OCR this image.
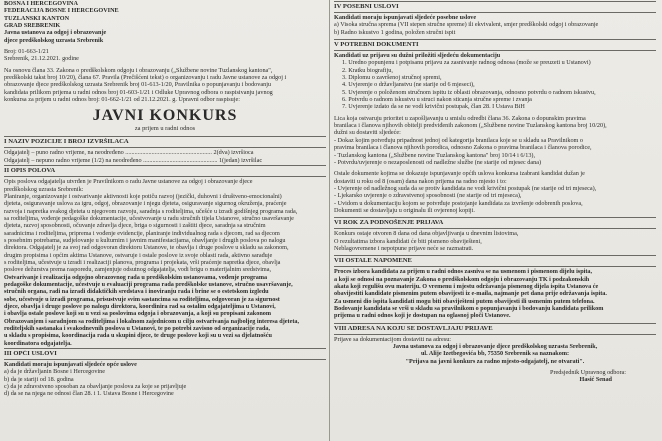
BOSNA I HERCEGOVINA
FEDERACIJA BOSNE I HERCEGOVINE
TUZLANSKI KANTON
GRAD SREBRENIK
Javna ustanova za odgoj i obrazovanje
djece predškolskog uzrasta Srebrenik
Broj: 01-663-1/21
Srebrenik, 21.12.2021. godine
Na osnovu člana 33. Zakona o predškolskom odgoju i obrazovanju („Službene novine Tuzlanskog kantona",
predškolski takst broj 10/20), člana 67. Pravila (Prečišćeni tekst) o organizovanju i radu Javne ustanove za odgoj i
obrazovanje djece predškolskog uzrasta Srebrenik broj 01-613-1/20, Pravilnika o popunjavanju i bodovanju
kandidata prilikom prijema u radni odnos broj 01-603-1/21 i Odluke Upravnog odbora o raspisivanju javnog
konkursa za prijem u radni odnos broj: 01-662-1/21 od 21.12.2021. g. Upravni odbor raspisuje:
JAVNI KONKURS
za prijem u radni odnos
I NAZIV POZICIJE I BROJ IZVRŠILACA
Odgajatelj – puno radno vrijeme, na neodređeno ........................................................ 2(dva) izvršioca
Odgajatelj – nepuno radno vrijeme (1/2) na neodređeno ................................................ 1(jedan) izvršilac
II OPIS POLOVA
Opis poslova odgajatelja utvrđen je Pravilnikom o radu Javne ustanove za odgoj i obrazovanje djece
predškolskog uzrasta Srebrenik:
Planiranje, organizovanje i ostvarivanje aktivnosti koje potiču razvoj (jezički, duhovni i društveno-emocionalni)
djeteta, osiguravanje uslova za igru, odgoj, obrazovanje i njegu djeteta, osiguravanje sigurnog okruženja, praćenje
razvoja i napretka svakog djeteta u njegovom razvoju, saradnja s roditeljima, učešće u izradi godišnjeg programa rada,
sa roditeljima, vođenje pedagoške dokumentacije, učestvovanje u radu stručnih tijela Ustanove, stručno usavršavanje
djeteta, razvoj sposobnosti, očuvanje zdravlja djece, briga o sigurnosti i zaštiti djece, saradnja sa stručnim
saradnicima i roditeljima, priprema i vođenje evidencije, planiranje individualnog rada s djecom, rad sa djecom
s posebnim potrebama, sudjelovanje u kulturnim i javnim manifestacijama, obavljanje i drugih poslova po nalogu
direktora. Odgajatelj je za svoj rad odgovoran direktoru Ustanove, te obavlja i druge poslove u skladu sa zakonom,
drugim propisima i općim aktima Ustanove, ostvaruje i ostale poslove iz svoje oblasti rada, aktivno sarađuje
s roditeljima, učestvuje u izradi i realizaciji planova, programa i projekata, vrši praćenje napretka djece, obavlja
poslove dežurstva prema rasporedu, zamjenjuje odsutnog odgajatelja, vodi brigu o materijalnim sredstvima,
Ostvarivanje i realizacija odgojno obrazovnog rada u predškolskim ustanovama, vođenje programa
pedagoške dokumentacije, učestvuje u evaluaciji programa rada predškolske ustanove, stručno usavršavanje,
stručnih organa, radi na izradi didaktičkih sredstava i inoviranju rada i brine se o estetskom izgledu
sobe, učestvuje u izradi programa, prisustvuje svim sastancima sa roditeljima, odgovoran je za sigurnost
djece, obavlja i druge poslove po nalogu direktora, koordinira rad sa ostalim odgajateljima u Ustanovi,
i obavlja ostale poslove koji su u vezi sa poslovima odgoja i obrazovanja, a koji su propisani zakonom
Obrazovanjem i saradnjom sa roditeljima i lokalnom zajednicom u cilju ostvarivanja najboljeg interesa djeteta,
roditeljskih sastanaka i svakodnevnih poslova u Ustanovi, te po potrebi zavisno od organizacije rada,
u skladu s propisima, koordinacija rada u skupini djece, te druge poslove koji su u vezi sa djelatnošću
koordinatora odgajatelja.
III OPĆI USLOVI
Kandidati moraju ispunjavati sljedeće opće uslove
a) da je državljanin Bosne i Hercegovine
b) da je stariji od 18. godina
c) da je zdravstveno sposoban za obavljanje poslova za koje se prijavljuje
d) da se na njega ne odnosi član 28. i 1. Ustava Bosne i Hercegovine
IV POSEBNI USLOVI
Kandidati moraju ispunjavati sljedeće posebne uslove
a) Visoka stručna sprema (VII stepen stručne spreme) ili ekvivalent, smjer predškolski odgoj i obrazovanje
b) Radno iskustvo 1 godina, položen stručni ispit
V POTREBNI DOKUMENTI
Kandidati uz prijavu su dužni priložiti sljedeću dokumentaciju
1. Uredno popunjenu i potpisanu prijavu za zasnivanje radnog odnosa (može se preuzeti u Ustanovi)
2. Kratku biografiju,
3. Diplomu o završenoj stručnoj spremi,
4. Uvjerenje o državljanstvu (ne starije od 6 mjeseci),
5. Uvjerenje o položenom stručnom ispitu iz oblasti obrazovanja, odnosno potvrdu o radnom iskustvu,
6. Potvrdu o radnom iskustvu u struci nakon sticanja stručne spreme i zvanja
7. Uvjerenje izdato da se ne vodi krivični postupak, član 28. I Ustava BiH
Lica koja ostvaruju prioritet u zapošljavanju u smislu odredbi člana 36. Zakona o dopunskim pravima
branilaca i članova njihovih obitelji predviđenih zakonom („Službene novine Tuzlanskog kantona broj 10/20),
dužni su dostaviti sljedeće:
- Dokaz kojim potvrđuju pripadnost jednoj od kategorija branilaca koje se u skladu sa Pravilnikom o
pravima branilaca i članova njihovih porodica, odnosno Zakona o pravima branilaca i članova porodice,
- Tuzlanskog kantona („Službene novine Tuzlanskog kantona" broj 10/14 i 6/13),
- Potvrdu/uvjerenje o nezaposlenosti od nadležne službe (ne starije od mjesec dana)
Ostale dokumente kojima se dokazuje ispunjavanje općih uslova konkursa izabrani kandidat dužan je
dostaviti u roku od 8 (osam) dana nakon prijema na radno mjesto i to:
- Uvjerenje od nadležnog suda da se protiv kandidata ne vodi krivični postupak (ne starije od tri mjeseca),
- Ljekarsko uvjerenje o zdravstvenoj sposobnosti (ne starije od tri mjeseca),
- Uvidom u dokumentaciju kojom se potvrđuje postojanje kandidata za izvršenje odobrenih poslova,
Dokumenti se dostavljaju u originalu ili ovjerenoj kopiji.
VI ROK ZA PODNOŠENJE PRIJAVA
Konkurs ostaje otvoren 8 dana od dana objavljivanja u dnevnim listovima,
O rezultatima izbora kandidati će biti pismeno obaviješteni,
Neblagovremene i nepotpune prijave neće se razmatrati.
VII OSTALE NAPOMENE
Proces izbora kandidata za prijem u radni odnos zasniva se na usmenom i pismenom dijelu ispita,
a koji se odnosi na poznavanje Zakona o predškolskom odgoju i obrazovanju TK i podzakonskih
akata koji regulišu ovu materiju. O vremenu i mjestu održavanja pismenog dijela ispita Ustanova će
obavijestiti kandidate pismenim putem obavijesti iz e-maila, najmanje pet dana prije održavanja ispita.
Za usmeni dio ispita kandidati mogu biti obaviješteni putem obavijesti ili usmenim putem telefona.
Bodovanje kandidata se vrši u skladu sa pravilnikom o popunjavanju i bodovanju kandidata prilikom
prijema u radni odnos koji je dostupan na oglasnoj ploči Ustanove.
VIII ADRESA NA KOJU SE DOSTAVLJAJU PRIJAVE
Prijave sa dokumentacijom dostaviti na adresu:
Javna ustanova za odgoj i obrazovanje djece predškolskog uzrasta Srebrenik,
ul. Alije Izetbegovića bb, 75350 Srebrenik sa naznakom:
"Prijava na javni konkurs za radno mjesto-odgajatelj, ne otvarati".
Predsjednik Upravnog odbora:
Hasić Senad
